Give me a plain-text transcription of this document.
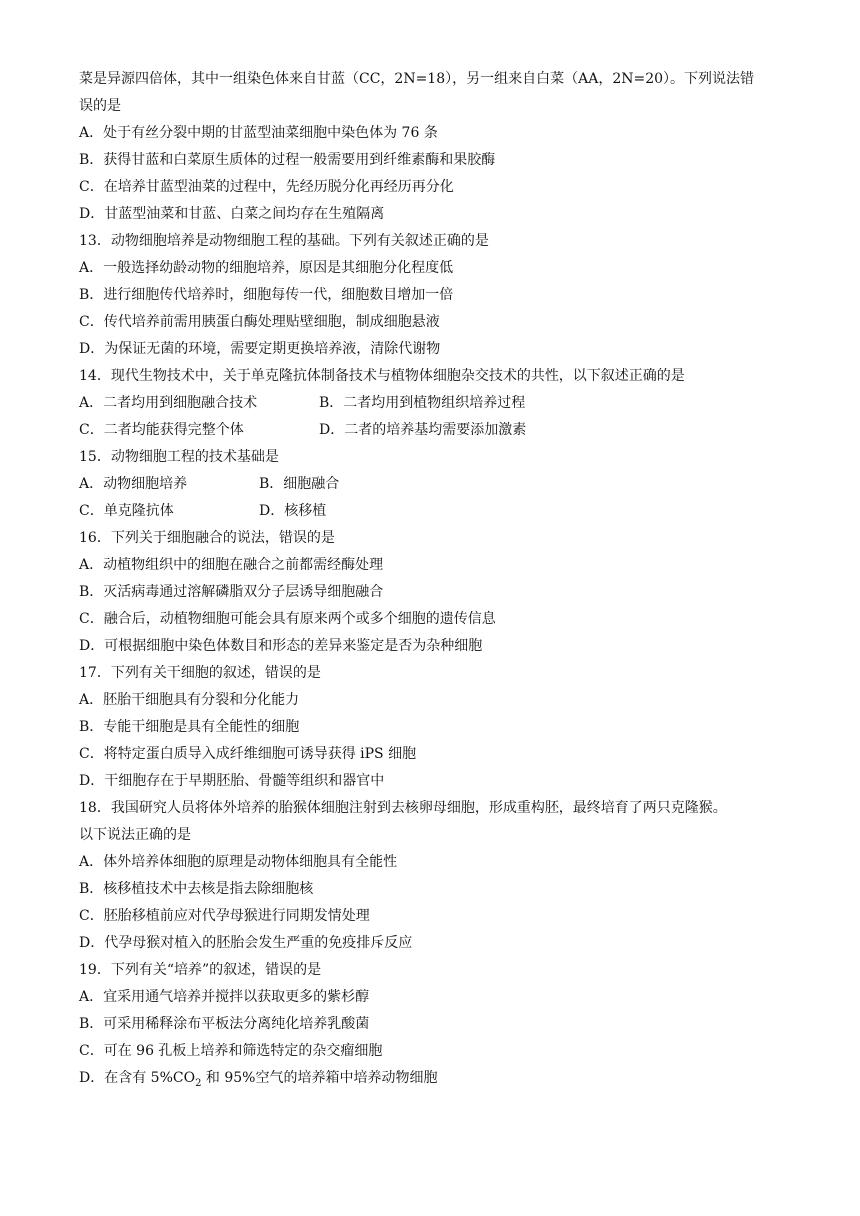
菜是异源四倍体，其中一组染色体来自甘蓝（CC，2N=18），另一组来自白菜（AA，2N=20）。下列说法错
误的是
A．处于有丝分裂中期的甘蓝型油菜细胞中染色体为 76 条
B．获得甘蓝和白菜原生质体的过程一般需要用到纤维素酶和果胶酶
C．在培养甘蓝型油菜的过程中，先经历脱分化再经历再分化
D．甘蓝型油菜和甘蓝、白菜之间均存在生殖隔离
13．动物细胞培养是动物细胞工程的基础。下列有关叙述正确的是
A．一般选择幼龄动物的细胞培养，原因是其细胞分化程度低
B．进行细胞传代培养时，细胞每传一代，细胞数目增加一倍
C．传代培养前需用胰蛋白酶处理贴壁细胞，制成细胞悬液
D．为保证无菌的环境，需要定期更换培养液，清除代谢物
14．现代生物技术中，关于单克隆抗体制备技术与植物体细胞杂交技术的共性，以下叙述正确的是
A．二者均用到细胞融合技术	B．二者均用到植物组织培养过程
C．二者均能获得完整个体	D．二者的培养基均需要添加激素
15．动物细胞工程的技术基础是
A．动物细胞培养	B．细胞融合
C．单克隆抗体	D．核移植
16．下列关于细胞融合的说法，错误的是
A．动植物组织中的细胞在融合之前都需经酶处理
B．灭活病毒通过溶解磷脂双分子层诱导细胞融合
C．融合后，动植物细胞可能会具有原来两个或多个细胞的遗传信息
D．可根据细胞中染色体数目和形态的差异来鉴定是否为杂种细胞
17．下列有关干细胞的叙述，错误的是
A．胚胎干细胞具有分裂和分化能力
B．专能干细胞是具有全能性的细胞
C．将特定蛋白质导入成纤维细胞可诱导获得 iPS 细胞
D．干细胞存在于早期胚胎、骨髓等组织和器官中
18．我国研究人员将体外培养的胎猴体细胞注射到去核卵母细胞，形成重构胚，最终培育了两只克隆猴。
以下说法正确的是
A．体外培养体细胞的原理是动物体细胞具有全能性
B．核移植技术中去核是指去除细胞核
C．胚胎移植前应对代孕母猴进行同期发情处理
D．代孕母猴对植入的胚胎会发生严重的免疫排斥反应
19．下列有关“培养”的叙述，错误的是
A．宜采用通气培养并搅拌以获取更多的紫杉醇
B．可采用稀释涂布平板法分离纯化培养乳酸菌
C．可在 96 孔板上培养和筛选特定的杂交瘤细胞
D．在含有 $5\%CO_2$ 和 95%空气的培养箱中培养动物细胞
